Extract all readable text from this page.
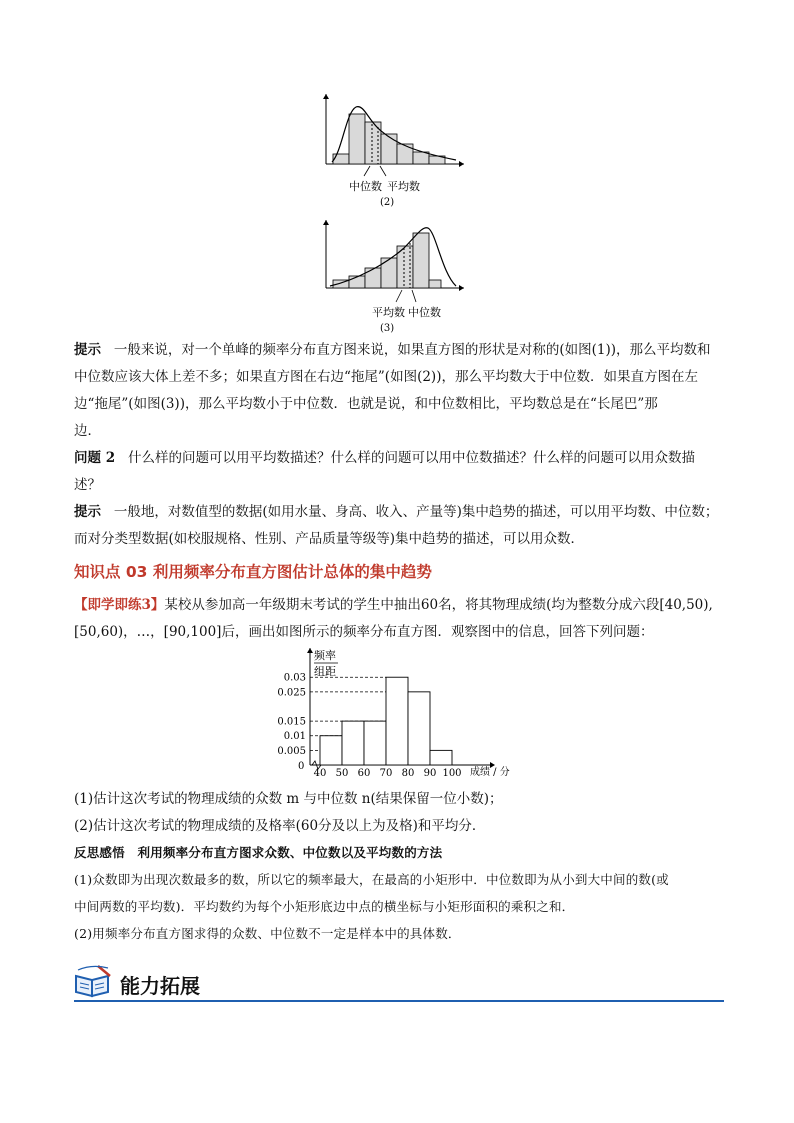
中位数 平均数
(2)
平均数 中位数
(3)
提示 一般来说，对一个单峰的频率分布直方图来说，如果直方图的形状是对称的(如图(1))，那么平均数和
中位数应该大体上差不多；如果直方图在右边“拖尾”(如图(2))，那么平均数大于中位数．如果直方图在左
边“拖尾”(如图(3))，那么平均数小于中位数．也就是说，和中位数相比，平均数总是在“长尾巴”那
边．
问题 2 什么样的问题可以用平均数描述？什么样的问题可以用中位数描述？什么样的问题可以用众数描
述？
提示 一般地，对数值型的数据(如用水量、身高、收入、产量等)集中趋势的描述，可以用平均数、中位数；
而对分类型数据(如校服规格、性别、产品质量等级等)集中趋势的描述，可以用众数．
知识点 03 利用频率分布直方图估计总体的集中趋势
【即学即练3】某校从参加高一年级期末考试的学生中抽出60名，将其物理成绩(均为整数分成六段[40,50),
[50,60)，…，[90,100]后，画出如图所示的频率分布直方图．观察图中的信息，回答下列问题：
频率
组距
0
成绩 / 分
0.005
0.01
0.015
0.025
0.03
40 50 60 70 80 90 100
(1)估计这次考试的物理成绩的众数 m 与中位数 n(结果保留一位小数)；
(2)估计这次考试的物理成绩的及格率(60分及以上为及格)和平均分．
反思感悟　利用频率分布直方图求众数、中位数以及平均数的方法
(1)众数即为出现次数最多的数，所以它的频率最大，在最高的小矩形中．中位数即为从小到大中间的数(或
中间两数的平均数)．平均数约为每个小矩形底边中点的横坐标与小矩形面积的乘积之和．
(2)用频率分布直方图求得的众数、中位数不一定是样本中的具体数．
能力拓展
